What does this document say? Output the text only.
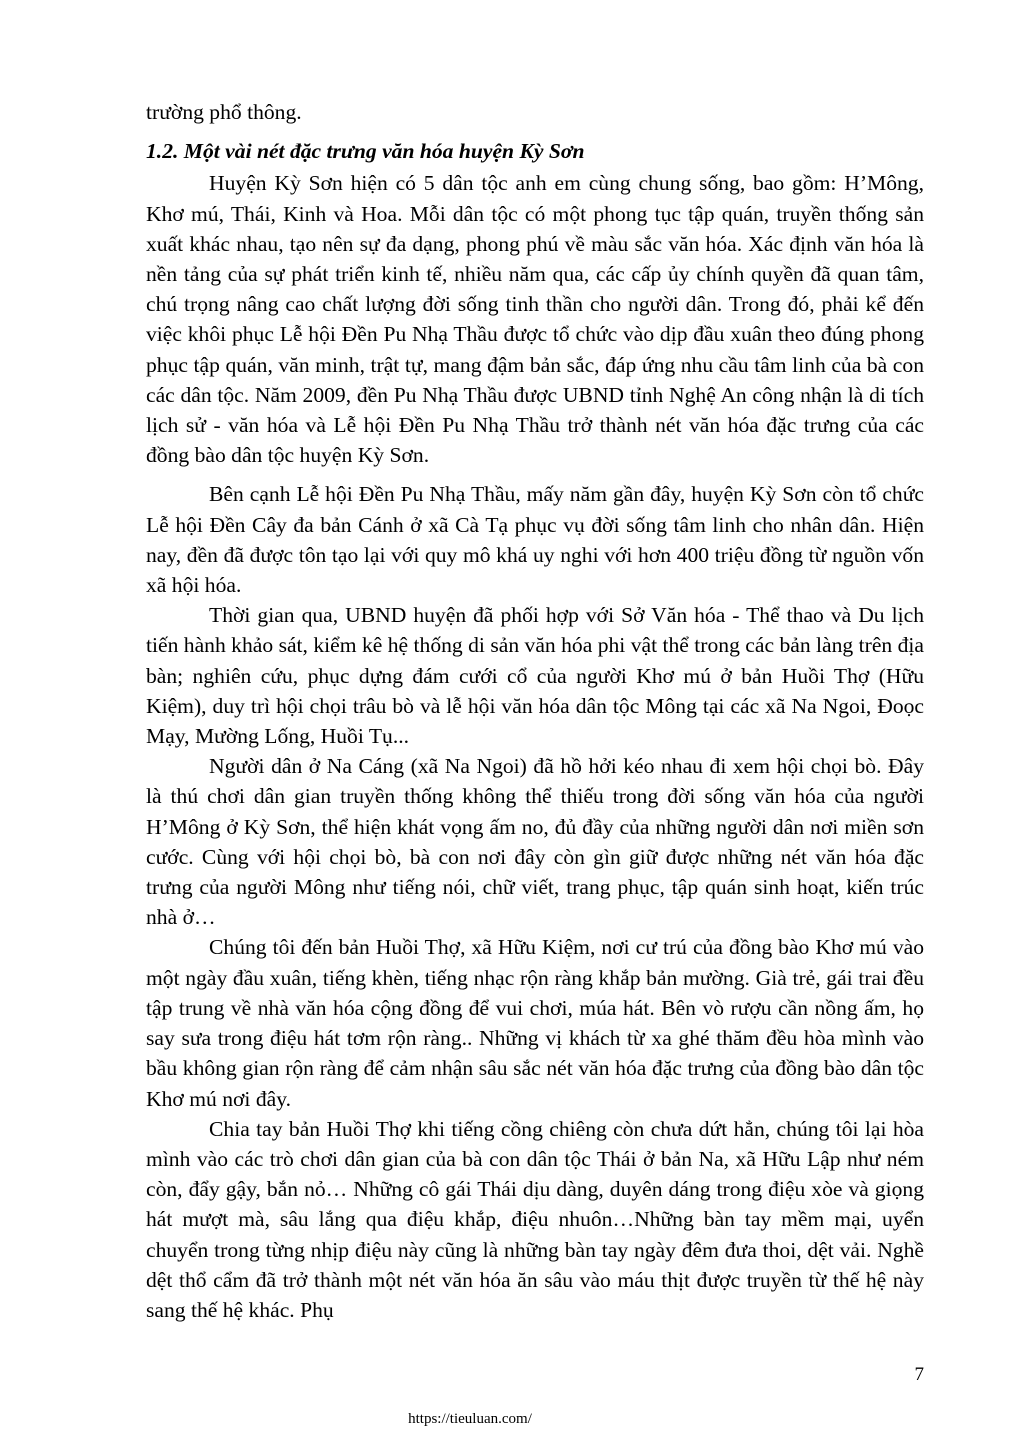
trường phổ thông.

1.2. Một vài nét đặc trưng văn hóa huyện Kỳ Sơn

Huyện Kỳ Sơn hiện có 5 dân tộc anh em cùng chung sống, bao gồm: H’Mông, Khơ mú, Thái, Kinh và Hoa. Mỗi dân tộc có một phong tục tập quán, truyền thống sản xuất khác nhau, tạo nên sự đa dạng, phong phú về màu sắc văn hóa. Xác định văn hóa là nền tảng của sự phát triển kinh tế, nhiều năm qua, các cấp ủy chính quyền đã quan tâm, chú trọng nâng cao chất lượng đời sống tinh thần cho người dân. Trong đó, phải kể đến việc khôi phục Lễ hội Đền Pu Nhạ Thầu được tổ chức vào dịp đầu xuân theo đúng phong phục tập quán, văn minh, trật tự, mang đậm bản sắc, đáp ứng nhu cầu tâm linh của bà con các dân tộc. Năm 2009, đền Pu Nhạ Thầu được UBND tỉnh Nghệ An công nhận là di tích lịch sử - văn hóa và Lễ hội Đền Pu Nhạ Thầu trở thành nét văn hóa đặc trưng của các đồng bào dân tộc huyện Kỳ Sơn.

Bên cạnh Lễ hội Đền Pu Nhạ Thầu, mấy năm gần đây, huyện Kỳ Sơn còn tổ chức Lễ hội Đền Cây đa bản Cánh ở xã Cà Tạ phục vụ đời sống tâm linh cho nhân dân. Hiện nay, đền đã được tôn tạo lại với quy mô khá uy nghi với hơn 400 triệu đồng từ nguồn vốn xã hội hóa.

Thời gian qua, UBND huyện đã phối hợp với Sở Văn hóa - Thể thao và Du lịch tiến hành khảo sát, kiểm kê hệ thống di sản văn hóa phi vật thể trong các bản làng trên địa bàn; nghiên cứu, phục dựng đám cưới cổ của người Khơ mú ở bản Huồi Thợ (Hữu Kiệm), duy trì hội chọi trâu bò và lễ hội văn hóa dân tộc Mông tại các xã Na Ngoi, Đoọc Mạy, Mường Lống, Huồi Tụ...

Người dân ở Na Cáng (xã Na Ngoi) đã hồ hởi kéo nhau đi xem hội chọi bò. Đây là thú chơi dân gian truyền thống không thể thiếu trong đời sống văn hóa của người H’Mông ở Kỳ Sơn, thể hiện khát vọng ấm no, đủ đầy của những người dân nơi miền sơn cước. Cùng với hội chọi bò, bà con nơi đây còn gìn giữ được những nét văn hóa đặc trưng của người Mông như tiếng nói, chữ viết, trang phục, tập quán sinh hoạt, kiến trúc nhà ở…

Chúng tôi đến bản Huồi Thợ, xã Hữu Kiệm, nơi cư trú của đồng bào Khơ mú vào một ngày đầu xuân, tiếng khèn, tiếng nhạc rộn ràng khắp bản mường. Già trẻ, gái trai đều tập trung về nhà văn hóa cộng đồng để vui chơi, múa hát. Bên vò rượu cần nồng ấm, họ say sưa trong điệu hát tơm rộn ràng.. Những vị khách từ xa ghé thăm đều hòa mình vào bầu không gian rộn ràng để cảm nhận sâu sắc nét văn hóa đặc trưng của đồng bào dân tộc Khơ mú nơi đây.

Chia tay bản Huồi Thợ khi tiếng cồng chiêng còn chưa dứt hẳn, chúng tôi lại hòa mình vào các trò chơi dân gian của bà con dân tộc Thái ở bản Na, xã Hữu Lập như ném còn, đẩy gậy, bắn nỏ… Những cô gái Thái dịu dàng, duyên dáng trong điệu xòe và giọng hát mượt mà, sâu lắng qua điệu khắp, điệu nhuôn…Những bàn tay mềm mại, uyển chuyển trong từng nhịp điệu này cũng là những bàn tay ngày đêm đưa thoi, dệt vải. Nghề dệt thổ cẩm đã trở thành một nét văn hóa ăn sâu vào máu thịt được truyền từ thế hệ này sang thế hệ khác. Phụ

7
https://tieuluan.com/
